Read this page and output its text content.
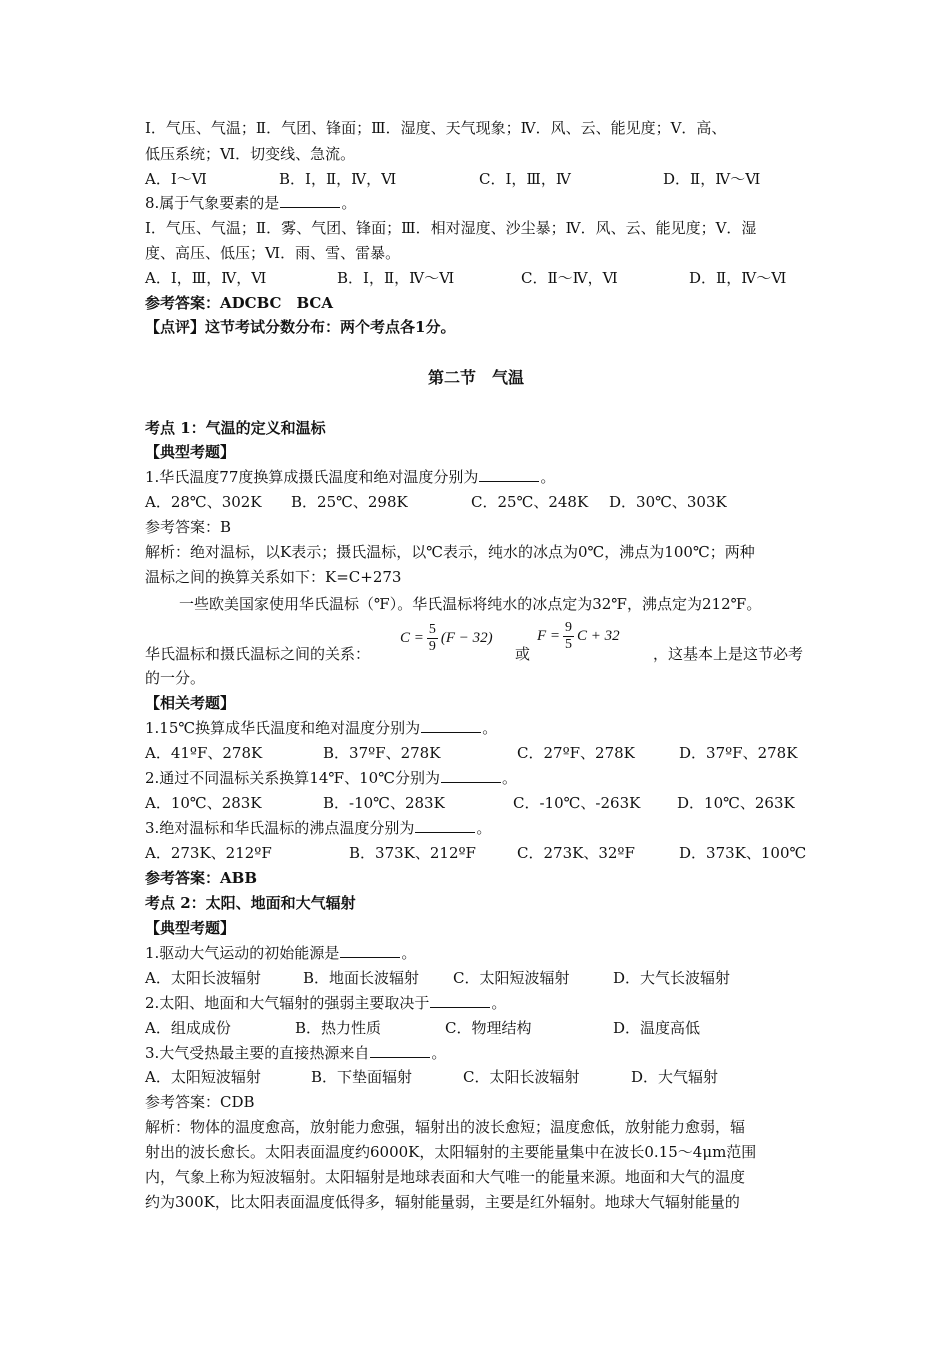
Ⅰ．气压、气温；Ⅱ．气团、锋面；Ⅲ．湿度、天气现象；Ⅳ．风、云、能见度；Ⅴ．高、
低压系统；Ⅵ．切变线、急流。
A．Ⅰ～Ⅵ	B．Ⅰ，Ⅱ，Ⅳ，Ⅵ	C．Ⅰ，Ⅲ，Ⅳ	D．Ⅱ，Ⅳ～Ⅵ
8.属于气象要素的是	。
Ⅰ．气压、气温；Ⅱ．雾、气团、锋面；Ⅲ．相对湿度、沙尘暴；Ⅳ．风、云、能见度；Ⅴ．湿
度、高压、低压；Ⅵ．雨、雪、雷暴。
A．Ⅰ，Ⅲ，Ⅳ，Ⅵ	B．Ⅰ，Ⅱ，Ⅳ～Ⅵ	C．Ⅱ～Ⅳ，Ⅵ	D．Ⅱ，Ⅳ～Ⅵ
参考答案：ADCBC　BCA
【点评】这节考试分数分布：两个考点各1分。
第二节　气温
考点 1：气温的定义和温标
【典型考题】
1.华氏温度77度换算成摄氏温度和绝对温度分别为	。
A．28℃、302K	B．25℃、298K	C．25℃、248K	D．30℃、303K
参考答案：B
解析：绝对温标，以K表示；摄氏温标，以℃表示，纯水的冰点为0℃，沸点为100℃；两种
温标之间的换算关系如下：K=C+273
一些欧美国家使用华氏温标（℉）。华氏温标将纯水的冰点定为32℉，沸点定为212℉。
华氏温标和摄氏温标之间的关系：
$C = \frac{5}{9} (F - 32)$
或
$F = \frac{9}{5}$ C + 32
，这基本上是这节必考
的一分。
【相关考题】
1.15℃换算成华氏温度和绝对温度分别为	。
A．41ºF、278K	B．37ºF、278K	C．27ºF、278K	D．37ºF、278K
2.通过不同温标关系换算14℉、10℃分别为	。
A．10℃、283K	B．-10℃、283K	C．-10℃、-263K	D．10℃、263K
3.绝对温标和华氏温标的沸点温度分别为	。
A．273K、212ºF	B．373K、212ºF	C．273K、32ºF	D．373K、100℃
参考答案：ABB
考点 2：太阳、地面和大气辐射
【典型考题】
1.驱动大气运动的初始能源是	。
A．太阳长波辐射	B．地面长波辐射	C．太阳短波辐射	D．大气长波辐射
2.太阳、地面和大气辐射的强弱主要取决于	。
A．组成成份	B．热力性质	C．物理结构	D．温度高低
3.大气受热最主要的直接热源来自	。
A．太阳短波辐射	B．下垫面辐射	C．太阳长波辐射	D．大气辐射
参考答案：CDB
解析：物体的温度愈高，放射能力愈强，辐射出的波长愈短；温度愈低，放射能力愈弱，辐
射出的波长愈长。太阳表面温度约6000K，太阳辐射的主要能量集中在波长0.15～4μm范围
内，气象上称为短波辐射。太阳辐射是地球表面和大气唯一的能量来源。地面和大气的温度
约为300K，比太阳表面温度低得多，辐射能量弱，主要是红外辐射。地球大气辐射能量的
